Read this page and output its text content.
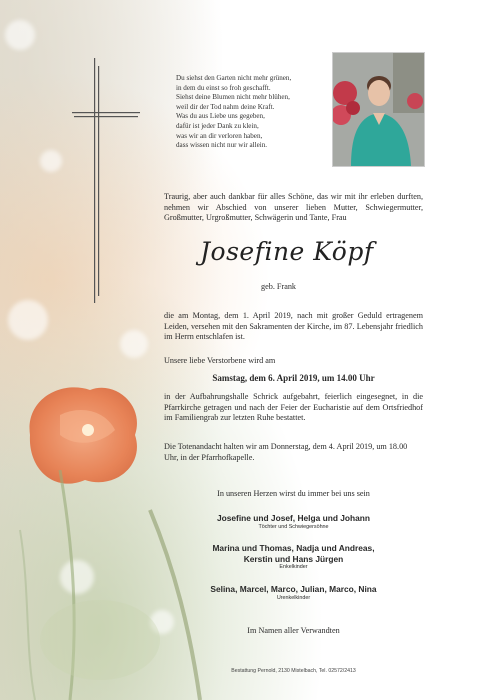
Du siehst den Garten nicht mehr grünen,
in dem du einst so froh geschafft.
Siehst deine Blumen nicht mehr blühen,
weil dir der Tod nahm deine Kraft.
Was du aus Liebe uns gegeben,
dafür ist jeder Dank zu klein,
was wir an dir verloren haben,
dass wissen nicht nur wir allein.
Traurig, aber auch dankbar für alles Schöne, das wir mit ihr erleben durften, nehmen wir Abschied von unserer lieben Mutter, Schwiegermutter, Großmutter, Urgroßmutter, Schwägerin und Tante, Frau
Josefine Köpf
geb. Frank
die am Montag, dem 1. April 2019, nach mit großer Geduld ertragenem Leiden, versehen mit den Sakramenten der Kirche, im 87. Lebensjahr friedlich im Herrn entschlafen ist.
Unsere liebe Verstorbene wird am
Samstag, dem 6. April 2019, um 14.00 Uhr
in der Aufbahrungshalle Schrick aufgebahrt, feierlich eingesegnet, in die Pfarrkirche getragen und nach der Feier der Eucharistie auf dem Ortsfriedhof im Familiengrab zur letzten Ruhe bestattet.
Die Totenandacht halten wir am Donnerstag, dem 4. April 2019, um 18.00 Uhr, in der Pfarrhofkapelle.
In unseren Herzen wirst du immer bei uns sein
Josefine und Josef, Helga und Johann
Töchter und Schwiegersöhne
Marina und Thomas, Nadja und Andreas,
Kerstin und Hans Jürgen
Enkelkinder
Selina, Marcel, Marco, Julian, Marco, Nina
Urenkelkinder
Im Namen aller Verwandten
Bestattung Pernold, 2130 Mistelbach, Tel. 02572/2413
